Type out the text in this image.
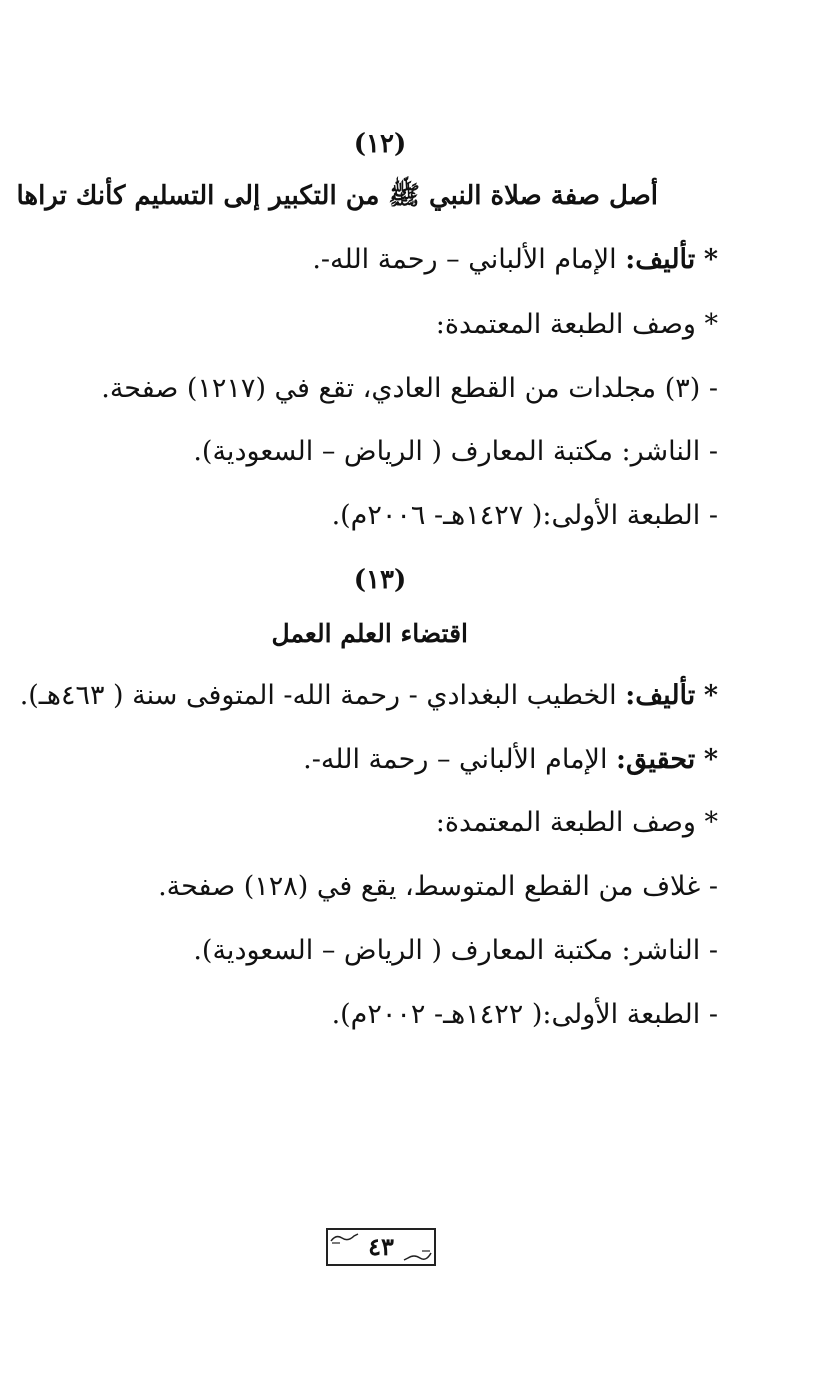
(١٢)
أصل صفة صلاة النبي ﷺ من التكبير إلى التسليم كأنك تراها
* تأليف: الإمام الألباني – رحمة الله-.
* وصف الطبعة المعتمدة:
- (٣) مجلدات من القطع العادي، تقع في (١٢١٧) صفحة.
- الناشر: مكتبة المعارف ( الرياض – السعودية).
- الطبعة الأولى:( ١٤٢٧هـ- ٢٠٠٦م).
(١٣)
اقتضاء العلم العمل
* تأليف: الخطيب البغدادي - رحمة الله- المتوفى سنة ( ٤٦٣هـ).
* تحقيق: الإمام الألباني – رحمة الله-.
* وصف الطبعة المعتمدة:
- غلاف من القطع المتوسط، يقع في (١٢٨) صفحة.
- الناشر: مكتبة المعارف ( الرياض – السعودية).
- الطبعة الأولى:( ١٤٢٢هـ- ٢٠٠٢م).
٤٣
